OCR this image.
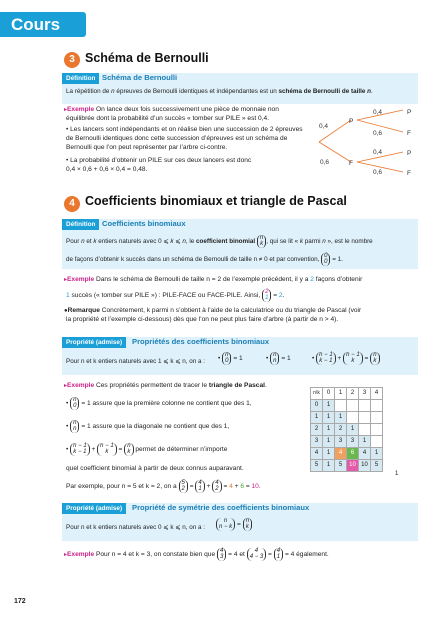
Cours
3 Schéma de Bernoulli
Définition Schéma de Bernoulli
La répétition de n épreuves de Bernoulli identiques et indépendantes est un schéma de Bernoulli de taille n.
▸Exemple On lance deux fois successivement une pièce de monnaie non
équilibrée dont la probabilité d’un succès « tomber sur PILE » est 0,4.
• Les lancers sont indépendants et on réalise bien une succession de 2 épreuves
de Bernoulli identiques donc cette succession d’épreuves est un schéma de
Bernoulli que l’on peut représenter par l’arbre ci-contre.
• La probabilité d’obtenir un PILE sur ces deux lancers est donc
0,4 × 0,6 + 0,6 × 0,4 = 0,48.
0,4
0,6
P
F
0,4
0,6
0,4
0,6
P
F
P
F
4 Coefficients binomiaux et triangle de Pascal
Définition Coefficients binomiaux
Pour n et k entiers naturels avec 0 ⩽ k ⩽ n, le coefficient binomial n
k , qui se lit « k parmi n », est le nombre
de façons d’obtenir k succès dans un schéma de Bernoulli de taille n ≠ 0 et par convention, 0
0 = 1.
▸Exemple Dans le schéma de Bernoulli de taille n = 2 de l’exemple précédent, il y a 2 façons d’obtenir
1 succès (« tomber sur PILE ») : PILE-FACE ou FACE-PILE. Ainsi, 2
1 = 2.
●Remarque Concrètement, k parmi n s’obtient à l’aide de la calculatrice ou du triangle de Pascal (voir
la propriété et l’exemple ci-dessous) dès que l’on ne peut plus faire d’arbre (à partir de n > 4).
Propriété (admise)	Propriétés des coefficients binomiaux
Pour n et k entiers naturels avec 1 ⩽ k ⩽ n, on a : • n
0 = 1	• n
n = 1	• n − 1
k − 1 + n − 1
k = n
k
▸Exemple Ces propriétés permettent de tracer le triangle de Pascal.
• n
0 = 1 assure que la première colonne ne contient que des 1,
• n
n = 1 assure que la diagonale ne contient que des 1,
• n − 1
k − 1 + n − 1
k = n
k permet de déterminer n’importe
quel coefficient binomial à partir de deux connus auparavant.
Par exemple, pour n = 5 et k = 2, on a 5
2 = 4
1 + 4
2 = 4 + 6 = 10.
n\k	0	1	2	3	4
0	1				
1	1	1			
2	1	2	1		
3	1	3	3	1	
4	1	4	6	4	1
5	1	5	10	10	5
1
Propriété (admise)	Propriété de symétrie des coefficients binomiaux
Pour n et k entiers naturels avec 0 ⩽ k ⩽ n, on a :
n
n − k = n
k
▸Exemple Pour n = 4 et k = 3, on constate bien que 4
3 = 4 et 4
4 − 3 = 4
1 = 4 également.
172
